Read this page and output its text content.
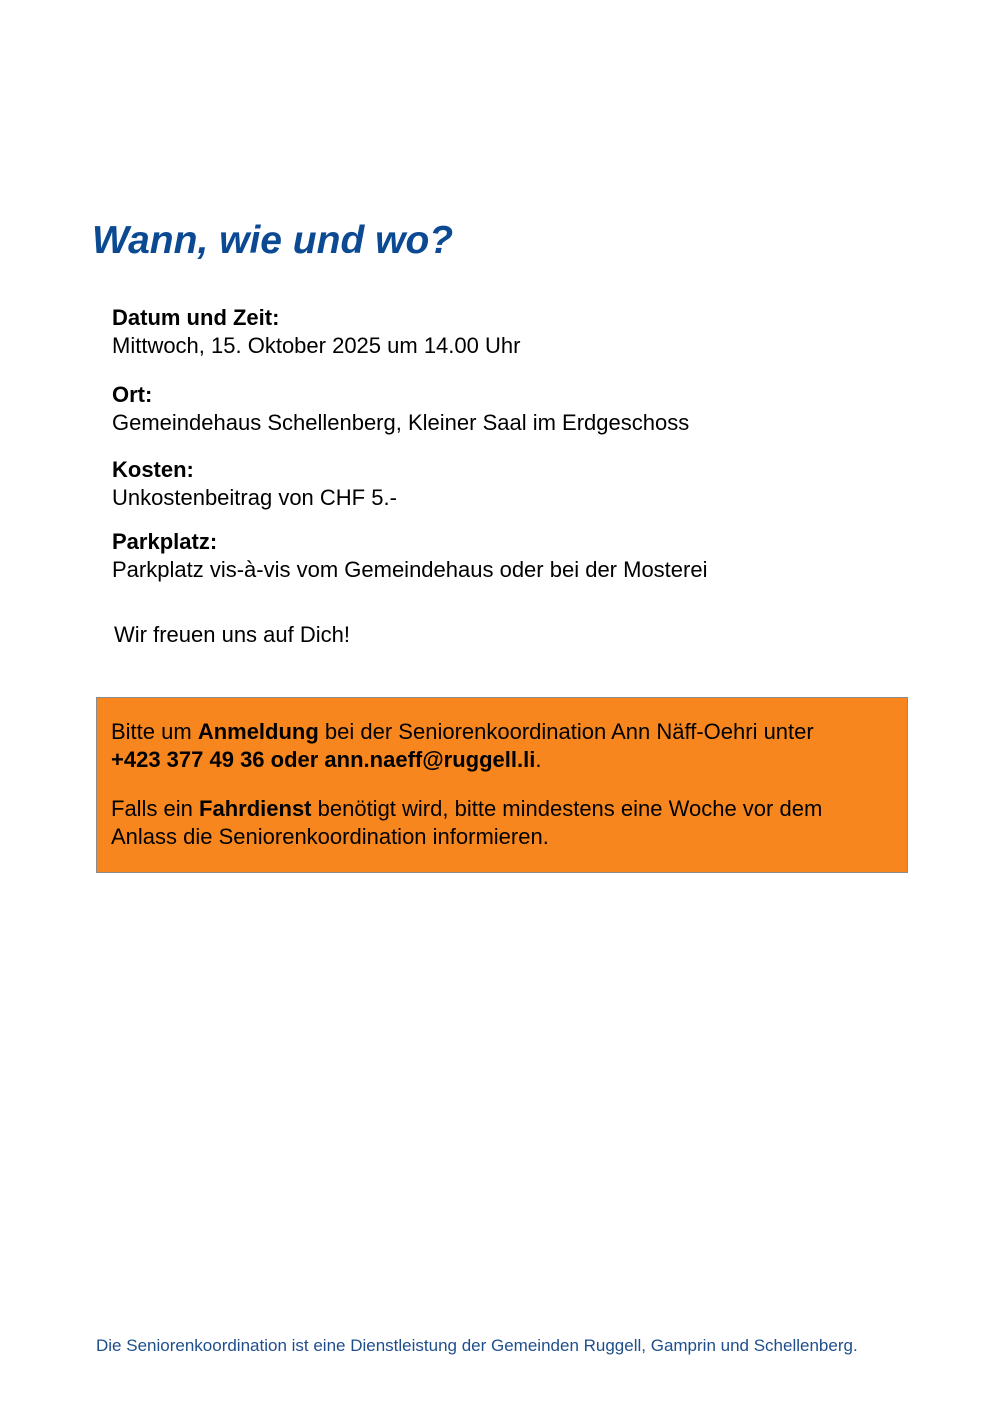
Wann, wie und wo?
Datum und Zeit:
Mittwoch, 15. Oktober 2025 um 14.00 Uhr
Ort:
Gemeindehaus Schellenberg, Kleiner Saal im Erdgeschoss
Kosten:
Unkostenbeitrag von CHF 5.-
Parkplatz:
Parkplatz vis-à-vis vom Gemeindehaus oder bei der Mosterei
Wir freuen uns auf Dich!

Bitte um Anmeldung bei der Seniorenkoordination Ann Näff-Oehri unter

+423 377 49 36 oder ann.naeff@ruggell.li.

Falls ein Fahrdienst benötigt wird, bitte mindestens eine Woche vor dem

Anlass die Seniorenkoordination informieren.

Die Seniorenkoordination ist eine Dienstleistung der Gemeinden Ruggell, Gamprin und Schellenberg.
